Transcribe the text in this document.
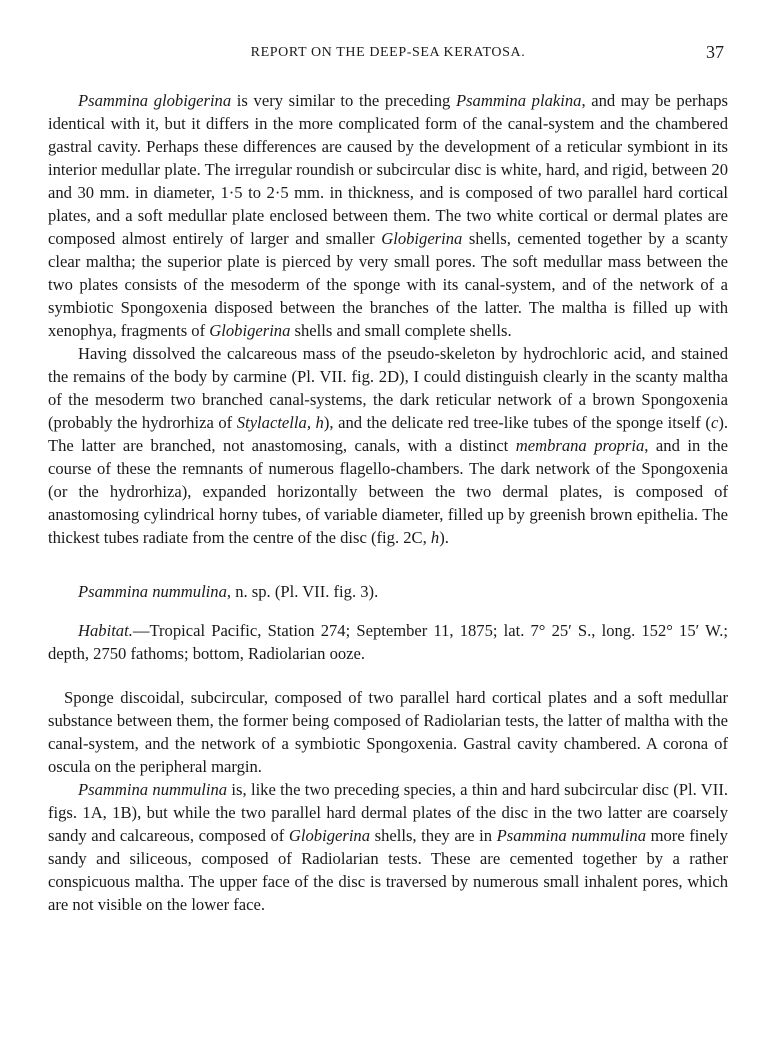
REPORT ON THE DEEP-SEA KERATOSA.	37

Psammina globigerina is very similar to the preceding Psammina plakina, and may be perhaps identical with it, but it differs in the more complicated form of the canal-system and the chambered gastral cavity. Perhaps these differences are caused by the development of a reticular symbiont in its interior medullar plate. The irregular roundish or subcircular disc is white, hard, and rigid, between 20 and 30 mm. in diameter, 1·5 to 2·5 mm. in thickness, and is composed of two parallel hard cortical plates, and a soft medullar plate enclosed between them. The two white cortical or dermal plates are composed almost entirely of larger and smaller Globigerina shells, cemented together by a scanty clear maltha; the superior plate is pierced by very small pores. The soft medullar mass between the two plates consists of the mesoderm of the sponge with its canal-system, and of the network of a symbiotic Spongoxenia disposed between the branches of the latter. The maltha is filled up with xenophya, fragments of Globigerina shells and small complete shells.

Having dissolved the calcareous mass of the pseudo-skeleton by hydrochloric acid, and stained the remains of the body by carmine (Pl. VII. fig. 2D), I could distinguish clearly in the scanty maltha of the mesoderm two branched canal-systems, the dark reticular network of a brown Spongoxenia (probably the hydrorhiza of Stylactella, h), and the delicate red tree-like tubes of the sponge itself (c). The latter are branched, not anastomosing, canals, with a distinct membrana propria, and in the course of these the remnants of numerous flagello-chambers. The dark network of the Spongoxenia (or the hydrorhiza), expanded horizontally between the two dermal plates, is composed of anastomosing cylindrical horny tubes, of variable diameter, filled up by greenish brown epithelia. The thickest tubes radiate from the centre of the disc (fig. 2C, h).

Psammina nummulina, n. sp. (Pl. VII. fig. 3).

Habitat.—Tropical Pacific, Station 274; September 11, 1875; lat. 7° 25′ S., long. 152° 15′ W.; depth, 2750 fathoms; bottom, Radiolarian ooze.

Sponge discoidal, subcircular, composed of two parallel hard cortical plates and a soft medullar substance between them, the former being composed of Radiolarian tests, the latter of maltha with the canal-system, and the network of a symbiotic Spongoxenia. Gastral cavity chambered. A corona of oscula on the peripheral margin.

Psammina nummulina is, like the two preceding species, a thin and hard subcircular disc (Pl. VII. figs. 1A, 1B), but while the two parallel hard dermal plates of the disc in the two latter are coarsely sandy and calcareous, composed of Globigerina shells, they are in Psammina nummulina more finely sandy and siliceous, composed of Radiolarian tests. These are cemented together by a rather conspicuous maltha. The upper face of the disc is traversed by numerous small inhalent pores, which are not visible on the lower face.
